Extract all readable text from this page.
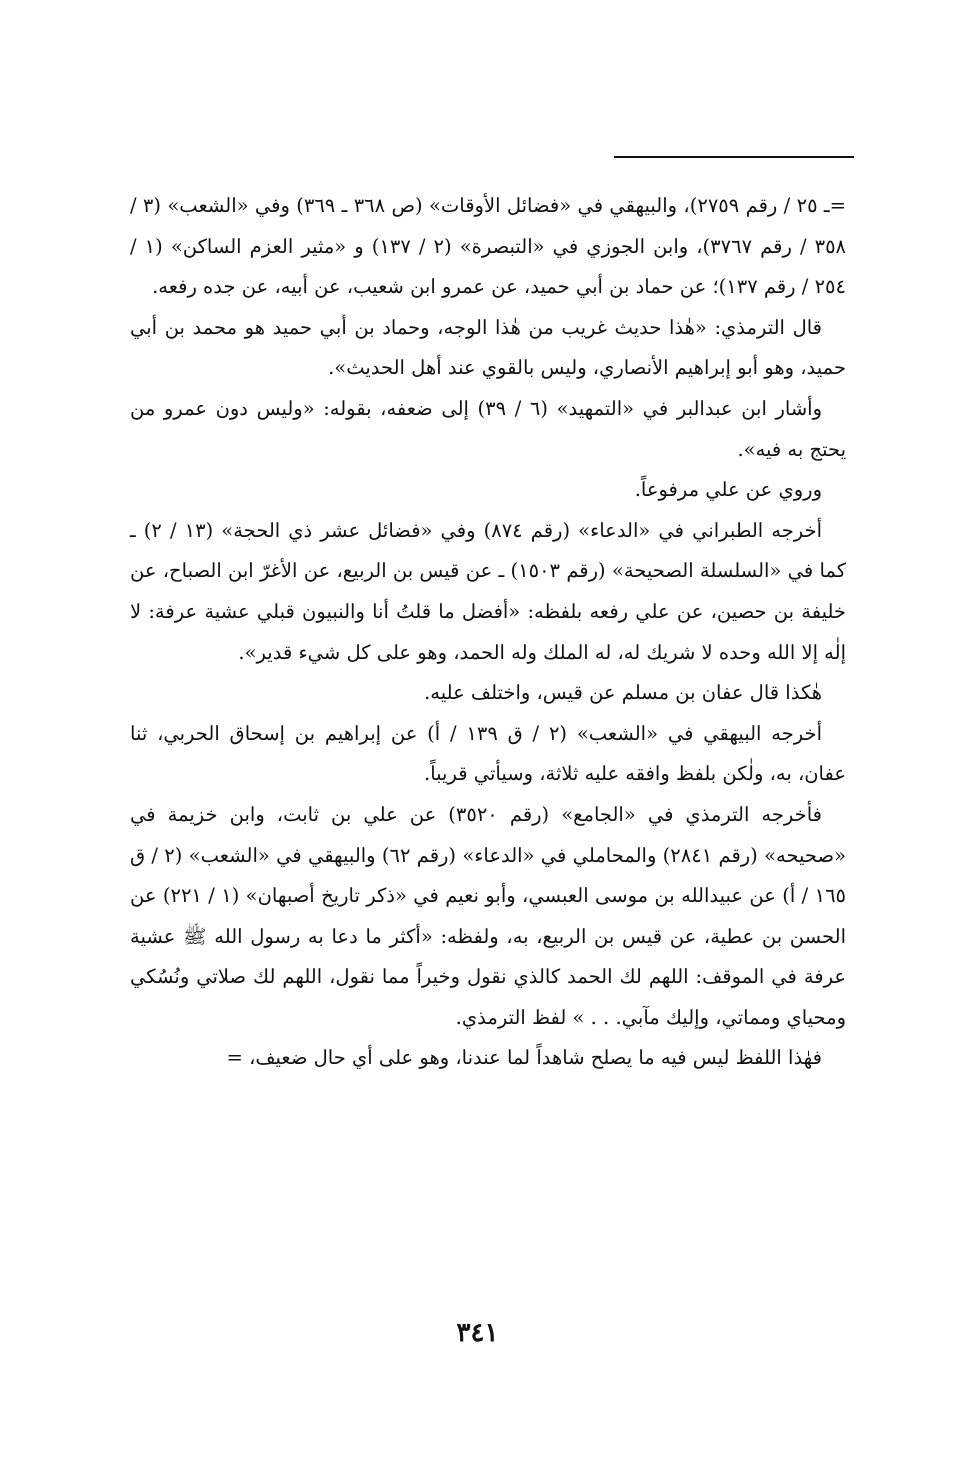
=ـ ٢٥ / رقم ٢٧٥٩)، والبيهقي في «فضائل الأوقات» (ص ٣٦٨ ـ ٣٦٩) وفي «الشعب» (٣ / ٣٥٨ / رقم ٣٧٦٧)، وابن الجوزي في «التبصرة» (٢ / ١٣٧) و «مثير العزم الساكن» (١ / ٢٥٤ / رقم ١٣٧)؛ عن حماد بن أبي حميد، عن عمرو ابن شعيب، عن أبيه، عن جده رفعه.

قال الترمذي: «هٰذا حديث غريب من هٰذا الوجه، وحماد بن أبي حميد هو محمد بن أبي حميد، وهو أبو إبراهيم الأنصاري، وليس بالقوي عند أهل الحديث».

وأشار ابن عبدالبر في «التمهيد» (٦ / ٣٩) إلى ضعفه، بقوله: «وليس دون عمرو من يحتج به فيه».

وروي عن علي مرفوعاً.

أخرجه الطبراني في «الدعاء» (رقم ٨٧٤) وفي «فضائل عشر ذي الحجة» (١٣ / ٢) ـ كما في «السلسلة الصحيحة» (رقم ١٥٠٣) ـ عن قيس بن الربيع، عن الأغرّ ابن الصباح، عن خليفة بن حصين، عن علي رفعه بلفظه: «أفضل ما قلتُ أنا والنبيون قبلي عشية عرفة: لا إلٰه إلا الله وحده لا شريك له، له الملك وله الحمد، وهو على كل شيء قدير».

هٰكذا قال عفان بن مسلم عن قيس، واختلف عليه.

أخرجه البيهقي في «الشعب» (٢ / ق ١٣٩ / أ) عن إبراهيم بن إسحاق الحربي، ثنا عفان، به، ولٰكن بلفظ وافقه عليه ثلاثة، وسيأتي قريباً.

فأخرجه الترمذي في «الجامع» (رقم ٣٥٢٠) عن علي بن ثابت، وابن خزيمة في «صحيحه» (رقم ٢٨٤١) والمحاملي في «الدعاء» (رقم ٦٢) والبيهقي في «الشعب» (٢ / ق ١٦٥ / أ) عن عبيدالله بن موسى العبسي، وأبو نعيم في «ذكر تاريخ أصبهان» (١ / ٢٢١) عن الحسن بن عطية، عن قيس بن الربيع، به، ولفظه: «أكثر ما دعا به رسول الله ﷺ عشية عرفة في الموقف: اللهم لك الحمد كالذي نقول وخيراً مما نقول، اللهم لك صلاتي ونُسُكي ومحياي ومماتي، وإليك مآبي. . . » لفظ الترمذي.

فهٰذا اللفظ ليس فيه ما يصلح شاهداً لما عندنا، وهو على أي حال ضعيف، =

٣٤١
